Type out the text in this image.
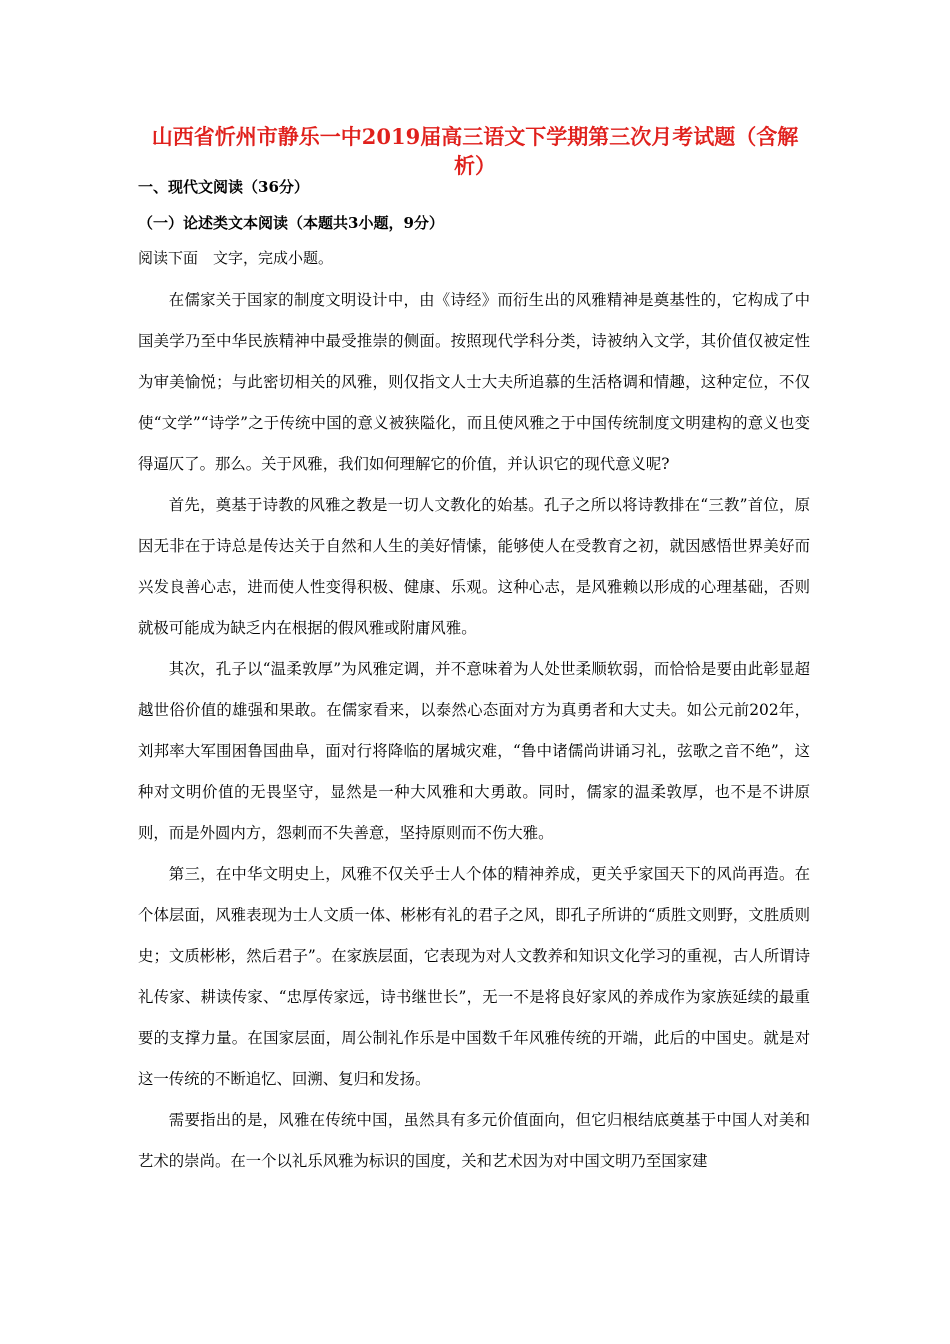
山西省忻州市静乐一中2019届高三语文下学期第三次月考试题（含解析）
一、现代文阅读（36分）
（一）论述类文本阅读（本题共3小题，9分）
阅读下面　文字，完成小题。

在儒家关于国家的制度文明设计中，由《诗经》而衍生出的风雅精神是奠基性的，它构成了中国美学乃至中华民族精神中最受推崇的侧面。按照现代学科分类，诗被纳入文学，其价值仅被定性为审美愉悦；与此密切相关的风雅，则仅指文人士大夫所追慕的生活格调和情趣，这种定位，不仅使“文学”“诗学”之于传统中国的意义被狭隘化，而且使风雅之于中国传统制度文明建构的意义也变得逼仄了。那么。关于风雅，我们如何理解它的价值，并认识它的现代意义呢?

首先，奠基于诗教的风雅之教是一切人文教化的始基。孔子之所以将诗教排在“三教”首位，原因无非在于诗总是传达关于自然和人生的美好情愫，能够使人在受教育之初，就因感悟世界美好而兴发良善心志，进而使人性变得积极、健康、乐观。这种心志，是风雅赖以形成的心理基础，否则就极可能成为缺乏内在根据的假风雅或附庸风雅。

其次，孔子以“温柔敦厚”为风雅定调，并不意味着为人处世柔顺软弱，而恰恰是要由此彰显超越世俗价值的雄强和果敢。在儒家看来，以泰然心态面对方为真勇者和大丈夫。如公元前202年，刘邦率大军围困鲁国曲阜，面对行将降临的屠城灾难，“鲁中诸儒尚讲诵习礼，弦歌之音不绝”，这种对文明价值的无畏坚守，显然是一种大风雅和大勇敢。同时，儒家的温柔敦厚，也不是不讲原则，而是外圆内方，怨刺而不失善意，坚持原则而不伤大雅。

第三，在中华文明史上，风雅不仅关乎士人个体的精神养成，更关乎家国天下的风尚再造。在个体层面，风雅表现为士人文质一体、彬彬有礼的君子之风，即孔子所讲的“质胜文则野，文胜质则史；文质彬彬，然后君子”。在家族层面，它表现为对人文教养和知识文化学习的重视，古人所谓诗礼传家、耕读传家、“忠厚传家远，诗书继世长”，无一不是将良好家风的养成作为家族延续的最重要的支撑力量。在国家层面，周公制礼作乐是中国数千年风雅传统的开端，此后的中国史。就是对这一传统的不断追忆、回溯、复归和发扬。

需要指出的是，风雅在传统中国，虽然具有多元价值面向，但它归根结底奠基于中国人对美和艺术的崇尚。在一个以礼乐风雅为标识的国度，关和艺术因为对中国文明乃至国家建
